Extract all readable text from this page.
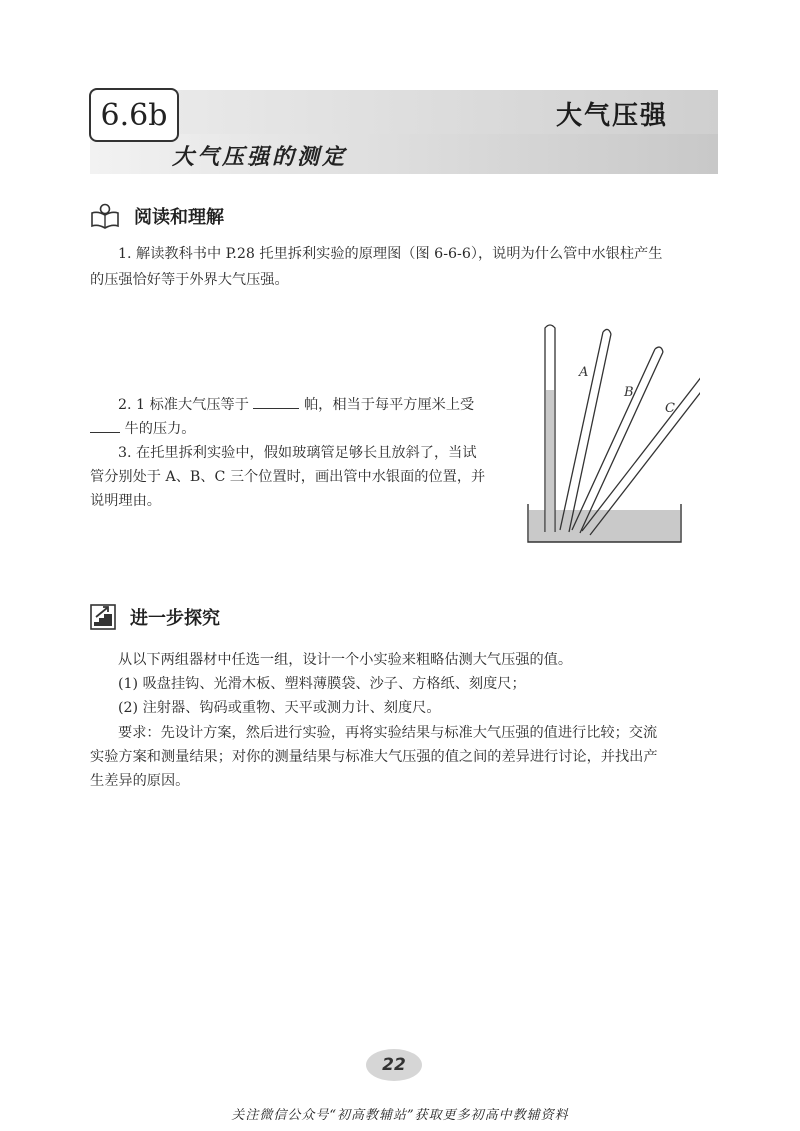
6.6b	大气压强
大气压强的测定
阅读和理解
1. 解读教科书中 P.28 托里拆利实验的原理图（图 6-6-6），说明为什么管中水银柱产生
的压强恰好等于外界大气压强。
2. 1 标准大气压等于	帕，相当于每平方厘米上受
牛的压力。
3. 在托里拆利实验中，假如玻璃管足够长且放斜了，当试
管分别处于 A、B、C 三个位置时，画出管中水银面的位置，并
说明理由。
A
B
C
进一步探究
从以下两组器材中任选一组，设计一个小实验来粗略估测大气压强的值。
(1) 吸盘挂钩、光滑木板、塑料薄膜袋、沙子、方格纸、刻度尺；
(2) 注射器、钩码或重物、天平或测力计、刻度尺。
要求：先设计方案，然后进行实验，再将实验结果与标准大气压强的值进行比较；交流
实验方案和测量结果；对你的测量结果与标准大气压强的值之间的差异进行讨论，并找出产
生差异的原因。
22
关注微信公众号“初高教辅站”获取更多初高中教辅资料
